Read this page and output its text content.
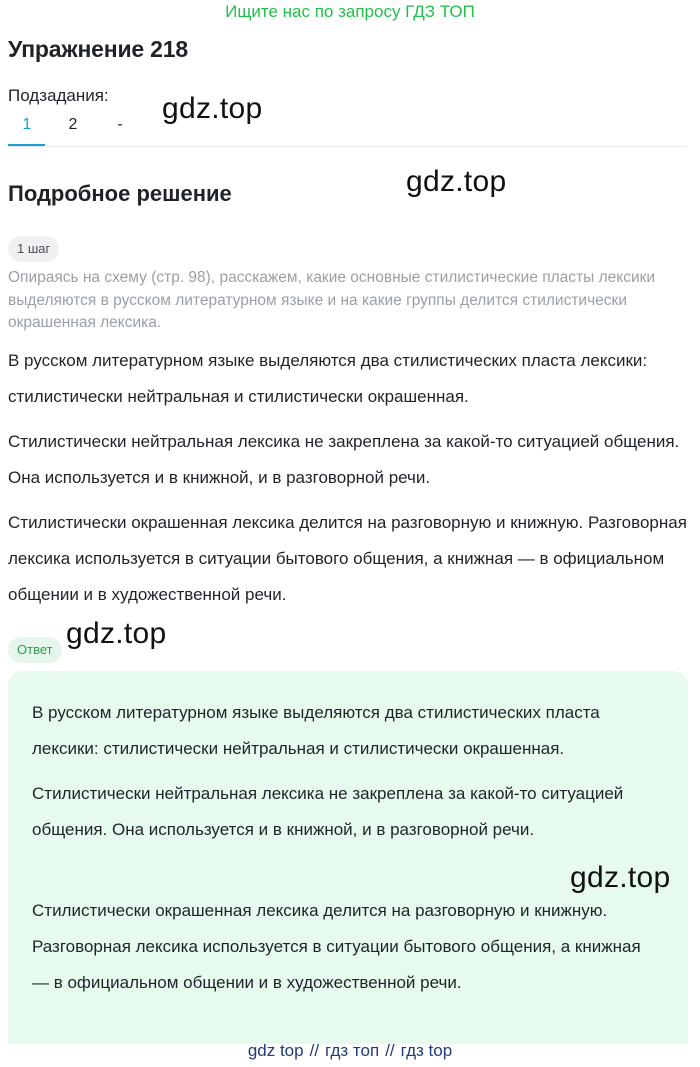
Ищите нас по запросу ГДЗ ТОП
Упражнение 218
Подзадания:
1	2	-	gdz.top
gdz.top
Подробное решение
1 шаг

Опираясь на схему (стр. 98), расскажем, какие основные стилистические пласты лексики выделяются в русском литературном языке и на какие группы делится стилистически окрашенная лексика.

В русском литературном языке выделяются два стилистических пласта лексики: стилистически нейтральная и стилистически окрашенная.

Стилистически нейтральная лексика не закреплена за какой-то ситуацией общения. Она используется и в книжной, и в разговорной речи.

Стилистически окрашенная лексика делится на разговорную и книжную. Разговорная лексика используется в ситуации бытового общения, а книжная — в официальном общении и в художественной речи.

Ответ gdz.top

В русском литературном языке выделяются два стилистических пласта лексики: стилистически нейтральная и стилистически окрашенная.

Стилистически нейтральная лексика не закреплена за какой-то ситуацией общения. Она используется и в книжной, и в разговорной речи.

Стилистически окрашенная лексика делится на разговорную и книжную. Разговорная лексика используется в ситуации бытового общения, а книжная — в официальном общении и в художественной речи.

gdz.top
gdz top // гдз топ // гдз top
